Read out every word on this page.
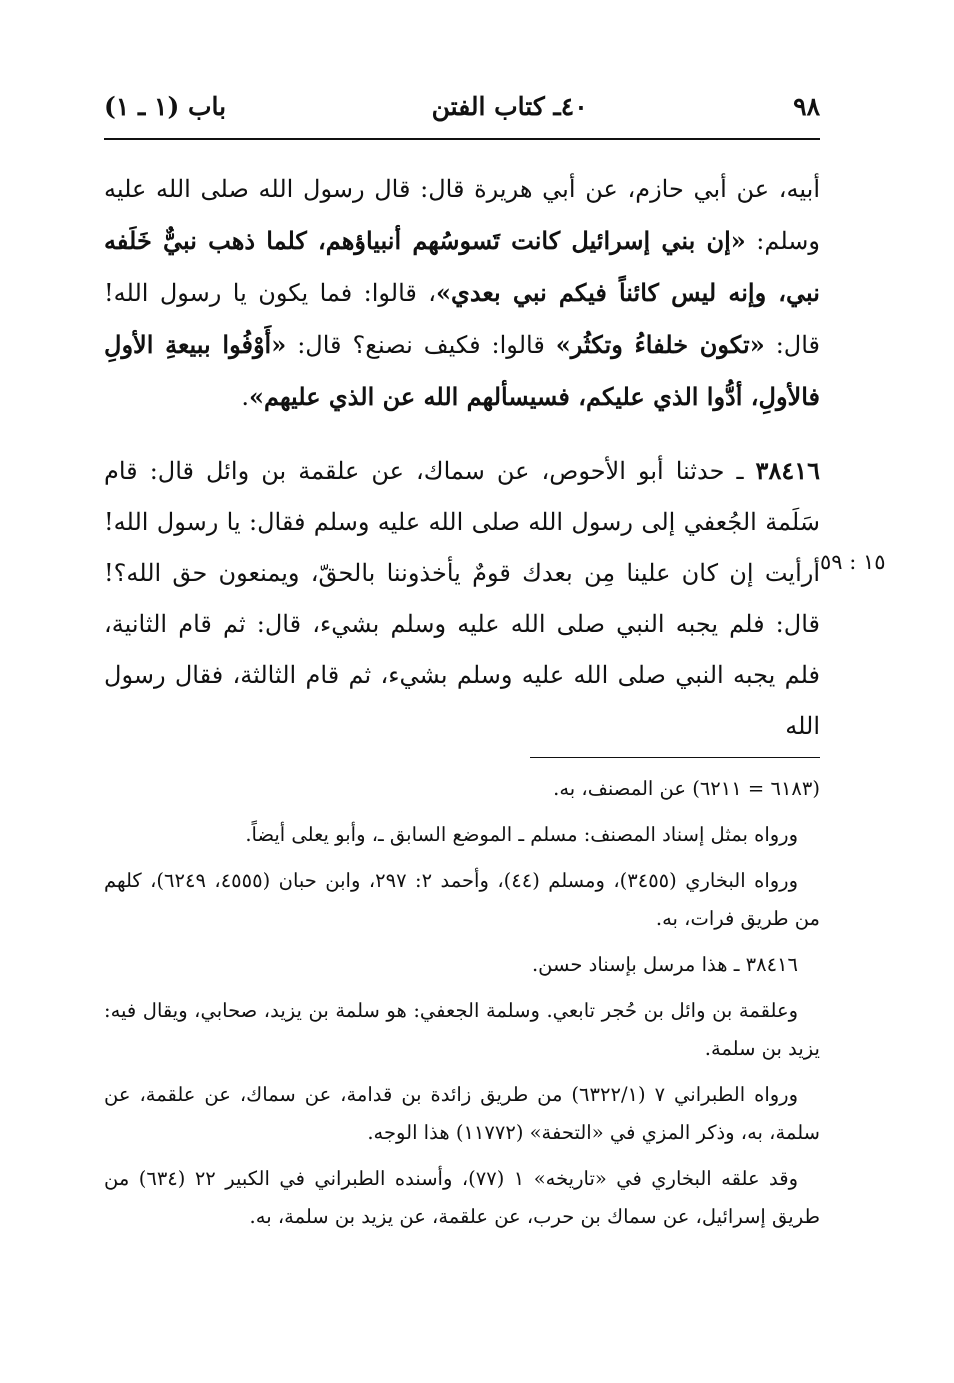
٩٨
٤٠ـ كتاب الفتن
باب (١ ـ ١)

أبيه، عن أبي حازم، عن أبي هريرة قال: قال رسول الله صلى الله عليه وسلم: «إن بني إسرائيل كانت تَسوسُهم أنبياؤهم، كلما ذهب نبيٌّ خَلَفه نبي، وإنه ليس كائناً فيكم نبي بعدي»، قالوا: فما يكون يا رسول الله! قال: «تكون خلفاءُ وتكثُر» قالوا: فكيف نصنع؟ قال: «أَوْفُوا ببيعةِ الأولِ فالأولِ، أدُّوا الذي عليكم، فسيسألهم الله عن الذي عليهم».

٣٨٤١٦ ـ حدثنا أبو الأحوص، عن سماك، عن علقمة بن وائل قال: قام سَلَمة الجُعفي إلى رسول الله صلى الله عليه وسلم فقال: يا رسول الله! أرأيت إن كان علينا مِن بعدك قومٌ يأخذوننا بالحقّ، ويمنعون حق الله؟! قال: فلم يجبه النبي صلى الله عليه وسلم بشيء، قال: ثم قام الثانية، فلم يجبه النبي صلى الله عليه وسلم بشيء، ثم قام الثالثة، فقال رسول الله

١٥ : ٥٩

(٦١٨٣ = ٦٢١١) عن المصنف، به.

ورواه بمثل إسناد المصنف: مسلم ـ الموضع السابق ـ، وأبو يعلى أيضاً.

ورواه البخاري (٣٤٥٥)، ومسلم (٤٤)، وأحمد ٢: ٢٩٧، وابن حبان (٤٥٥٥، ٦٢٤٩)، كلهم من طريق فرات، به.

٣٨٤١٦ ـ هذا مرسل بإسناد حسن.

وعلقمة بن وائل بن حُجر تابعي. وسلمة الجعفي: هو سلمة بن يزيد، صحابي، ويقال فيه: يزيد بن سلمة.

ورواه الطبراني ٧ (٦٣٢٢/١) من طريق زائدة بن قدامة، عن سماك، عن علقمة، عن سلمة، به، وذكر المزي في «التحفة» (١١٧٧٢) هذا الوجه.

وقد علقه البخاري في «تاريخه» ١ (٧٧)، وأسنده الطبراني في الكبير ٢٢ (٦٣٤) من طريق إسرائيل، عن سماك بن حرب، عن علقمة، عن يزيد بن سلمة، به.
